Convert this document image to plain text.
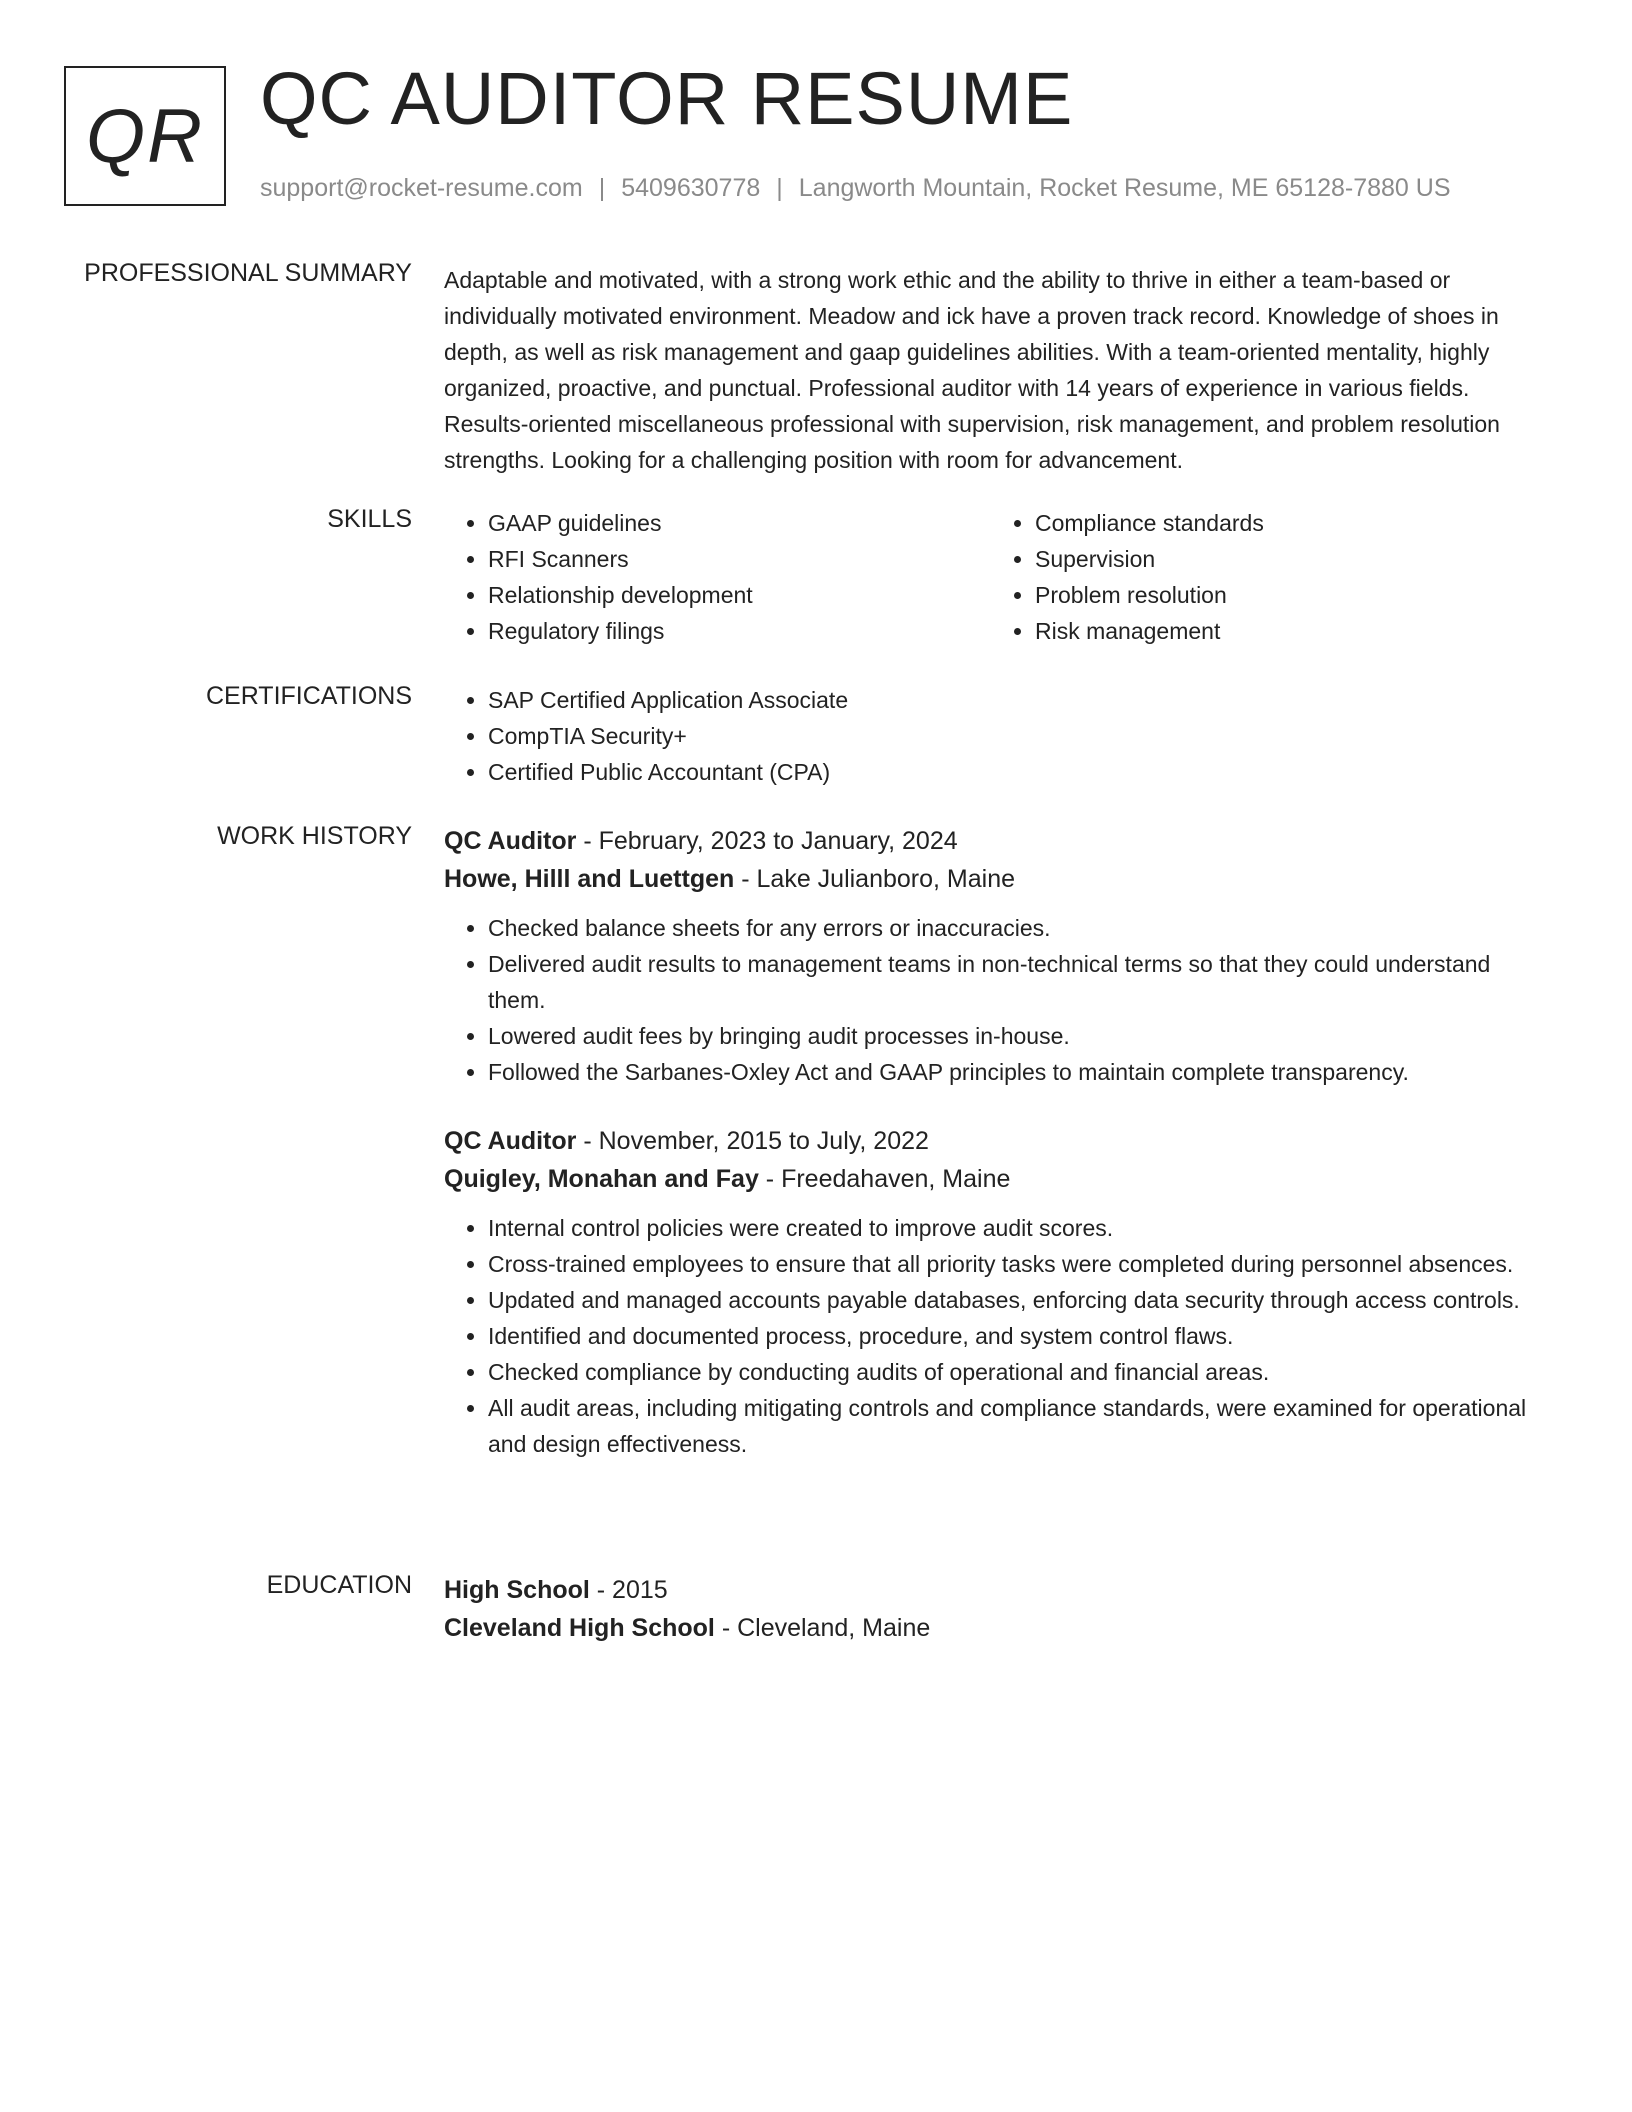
QR QC AUDITOR RESUME
support@rocket-resume.com | 5409630778 | Langworth Mountain, Rocket Resume, ME 65128-7880 US
PROFESSIONAL SUMMARY Adaptable and motivated, with a strong work ethic and the ability to thrive in either a team-based or individually motivated environment. Meadow and ick have a proven track record. Knowledge of shoes in depth, as well as risk management and gaap guidelines abilities. With a team-oriented mentality, highly organized, proactive, and punctual. Professional auditor with 14 years of experience in various fields. Results-oriented miscellaneous professional with supervision, risk management, and problem resolution strengths. Looking for a challenging position with room for advancement.

SKILLS	• GAAP guidelines
• RFI Scanners
• Relationship development
• Regulatory filings
• Compliance standards
• Supervision
• Problem resolution
• Risk management
CERTIFICATIONS	• SAP Certified Application Associate
• CompTIA Security+
• Certified Public Accountant (CPA)
WORK HISTORY QC Auditor - February, 2023 to January, 2024
Howe, Hilll and Luettgen - Lake Julianboro, Maine
• Checked balance sheets for any errors or inaccuracies.
• Delivered audit results to management teams in non-technical terms so that they could understand them.
• Lowered audit fees by bringing audit processes in-house.
• Followed the Sarbanes-Oxley Act and GAAP principles to maintain complete transparency.
QC Auditor - November, 2015 to July, 2022
Quigley, Monahan and Fay - Freedahaven, Maine
• Internal control policies were created to improve audit scores.
• Cross-trained employees to ensure that all priority tasks were completed during personnel absences.
• Updated and managed accounts payable databases, enforcing data security through access controls.
• Identified and documented process, procedure, and system control flaws.
• Checked compliance by conducting audits of operational and financial areas.
• All audit areas, including mitigating controls and compliance standards, were examined for operational and design effectiveness.
EDUCATION High School - 2015
Cleveland High School - Cleveland, Maine
